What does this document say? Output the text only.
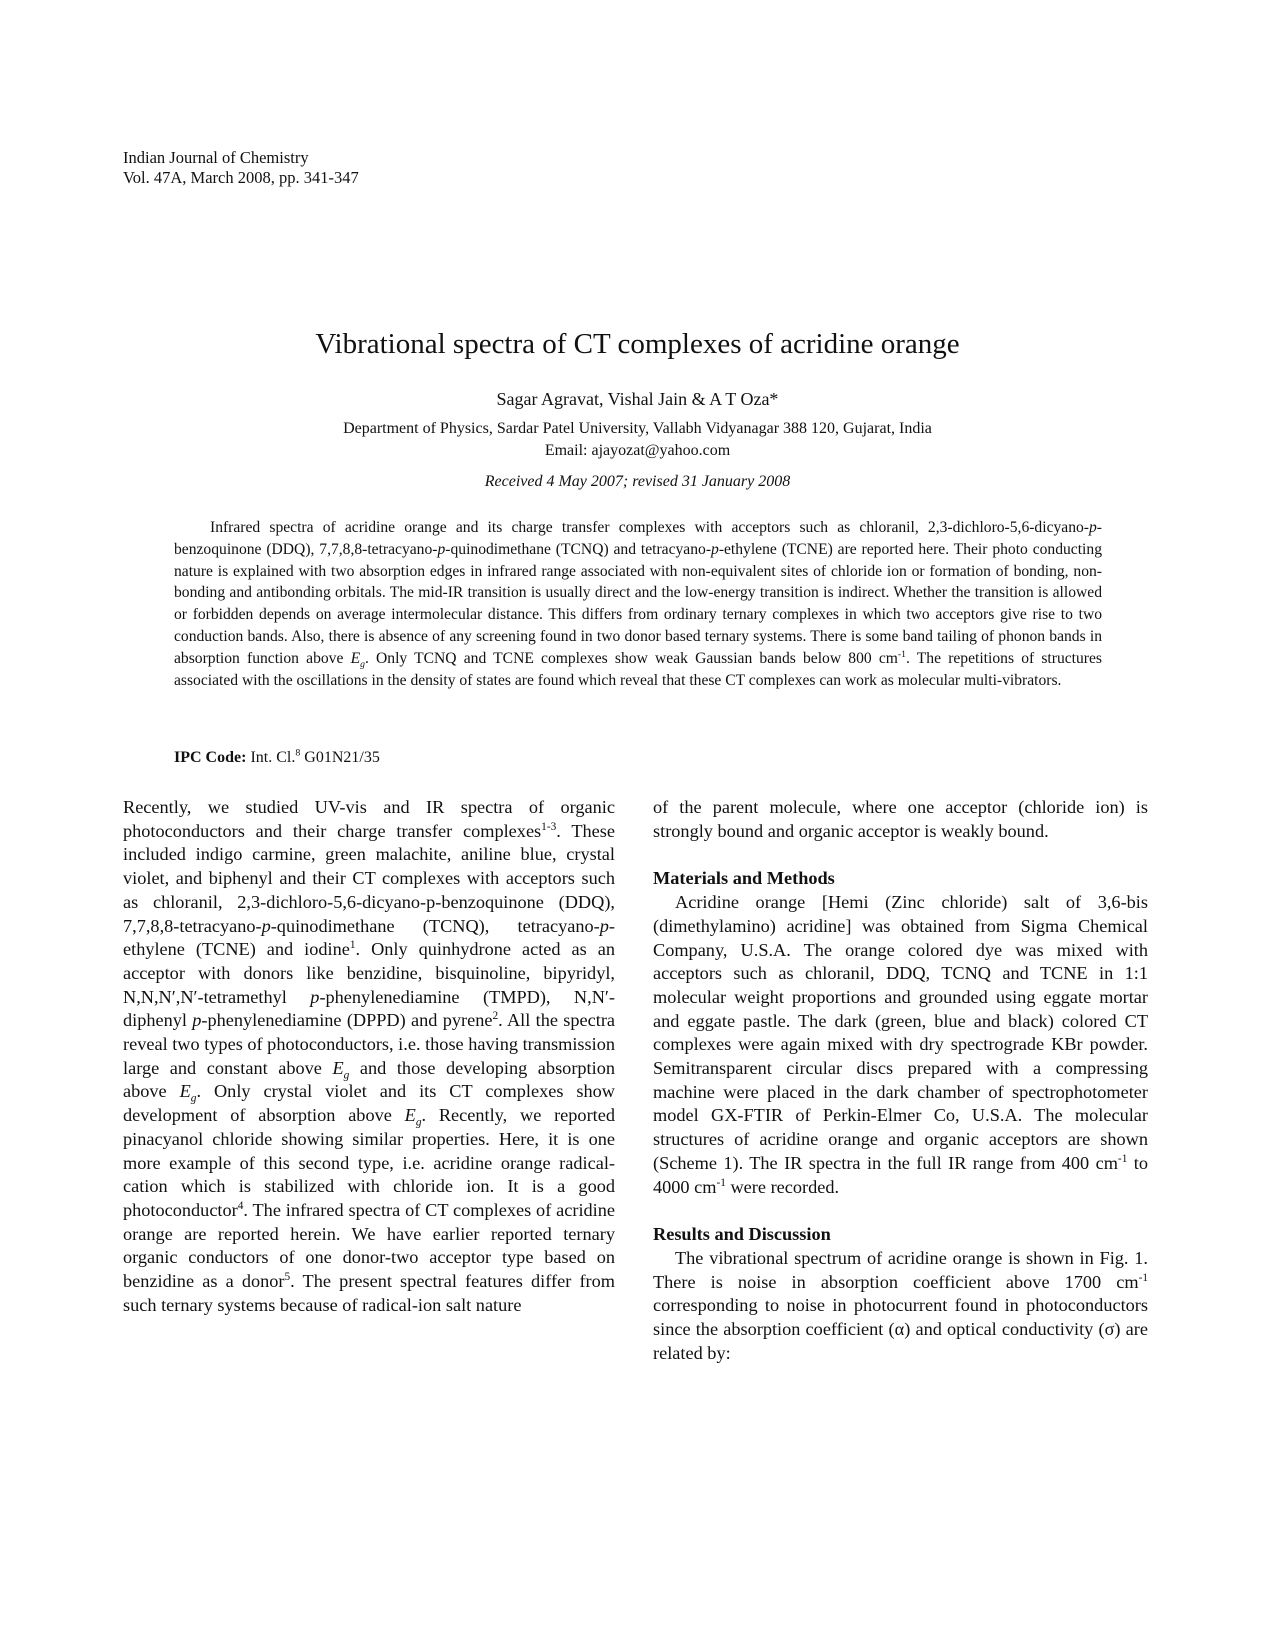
Indian Journal of Chemistry
Vol. 47A, March 2008, pp. 341-347
Vibrational spectra of CT complexes of acridine orange
Sagar Agravat, Vishal Jain & A T Oza*
Department of Physics, Sardar Patel University, Vallabh Vidyanagar 388 120, Gujarat, India
Email: ajayozat@yahoo.com
Received 4 May 2007; revised 31 January 2008
Infrared spectra of acridine orange and its charge transfer complexes with acceptors such as chloranil, 2,3-dichloro-5,6-dicyano-p-benzoquinone (DDQ), 7,7,8,8-tetracyano-p-quinodimethane (TCNQ) and tetracyano-p-ethylene (TCNE) are reported here. Their photo conducting nature is explained with two absorption edges in infrared range associated with non-equivalent sites of chloride ion or formation of bonding, non-bonding and antibonding orbitals. The mid-IR transition is usually direct and the low-energy transition is indirect. Whether the transition is allowed or forbidden depends on average intermolecular distance. This differs from ordinary ternary complexes in which two acceptors give rise to two conduction bands. Also, there is absence of any screening found in two donor based ternary systems. There is some band tailing of phonon bands in absorption function above $E_g$. Only TCNQ and TCNE complexes show weak Gaussian bands below 800 $cm^{-1}$. The repetitions of structures associated with the oscillations in the density of states are found which reveal that these CT complexes can work as molecular multi-vibrators.
IPC Code: Int. Cl.$^8$ G01N21/35

Recently, we studied UV-vis and IR spectra of organic photoconductors and their charge transfer complexes$^{1-3}$. These included indigo carmine, green malachite, aniline blue, crystal violet, and biphenyl and their CT complexes with acceptors such as chloranil, 2,3-dichloro-5,6-dicyano-p-benzoquinone (DDQ), 7,7,8,8-tetracyano-p-quinodimethane (TCNQ), tetracyano-p-ethylene (TCNE) and iodine$^1$. Only quinhydrone acted as an acceptor with donors like benzidine, bisquinoline, bipyridyl, N,N,N′,N′-tetramethyl p-phenylenediamine (TMPD), N,N′-diphenyl p-phenylenediamine (DPPD) and pyrene$^2$. All the spectra reveal two types of photoconductors, i.e. those having transmission large and constant above $E_g$ and those developing absorption above $E_g$. Only crystal violet and its CT complexes show development of absorption above $E_g$. Recently, we reported pinacyanol chloride showing similar properties. Here, it is one more example of this second type, i.e. acridine orange radical-cation which is stabilized with chloride ion. It is a good photoconductor$^4$. The infrared spectra of CT complexes of acridine orange are reported herein. We have earlier reported ternary organic conductors of one donor-two acceptor type based on benzidine as a donor$^5$. The present spectral features differ from such ternary systems because of radical-ion salt nature

of the parent molecule, where one acceptor (chloride ion) is strongly bound and organic acceptor is weakly bound.

Materials and Methods

Acridine orange [Hemi (Zinc chloride) salt of 3,6-bis (dimethylamino) acridine] was obtained from Sigma Chemical Company, U.S.A. The orange colored dye was mixed with acceptors such as chloranil, DDQ, TCNQ and TCNE in 1:1 molecular weight proportions and grounded using eggate mortar and eggate pastle. The dark (green, blue and black) colored CT complexes were again mixed with dry spectrograde KBr powder. Semitransparent circular discs prepared with a compressing machine were placed in the dark chamber of spectrophotometer model GX-FTIR of Perkin-Elmer Co, U.S.A. The molecular structures of acridine orange and organic acceptors are shown (Scheme 1). The IR spectra in the full IR range from 400 $cm^{-1}$ to 4000 $cm^{-1}$ were recorded.

Results and Discussion

The vibrational spectrum of acridine orange is shown in Fig. 1. There is noise in absorption coefficient above 1700 $cm^{-1}$ corresponding to noise in photocurrent found in photoconductors since the absorption coefficient (α) and optical conductivity (σ) are related by:
